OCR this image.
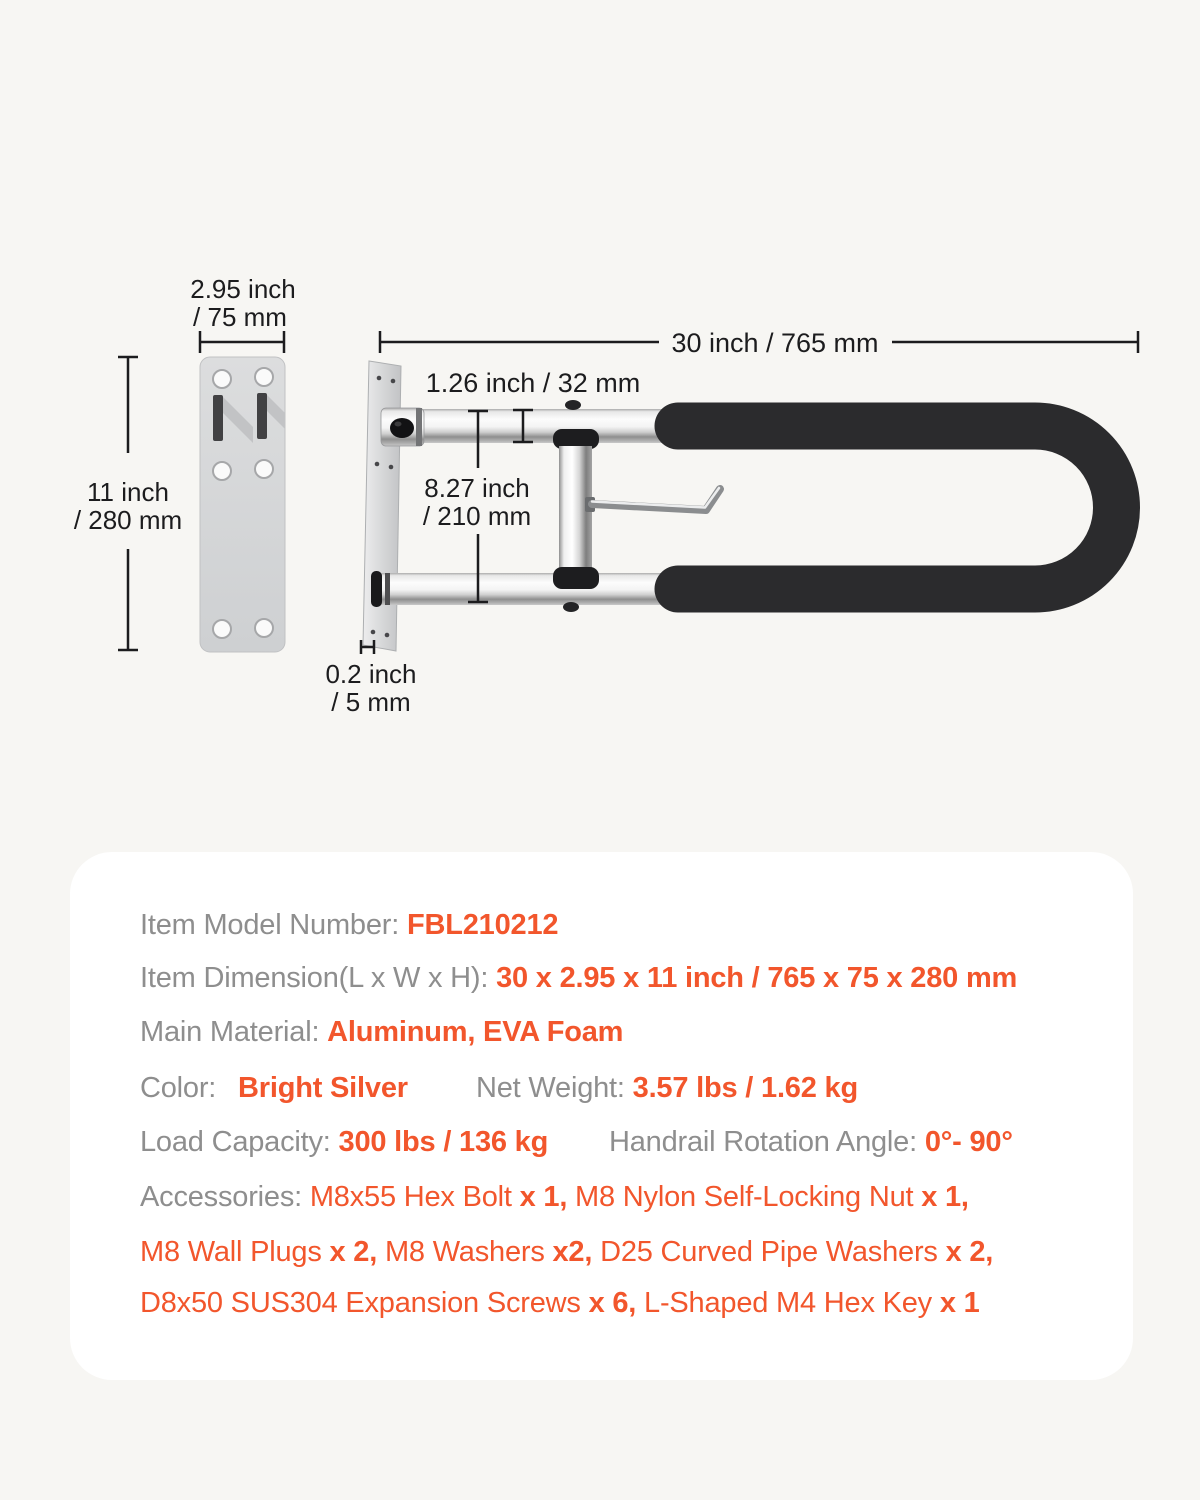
2.95 inch
/ 75 mm
11 inch
/ 280 mm
30 inch / 765 mm
1.26 inch / 32 mm
8.27 inch
/ 210 mm
0.2 inch
/ 5 mm
Item Model Number: FBL210212
Item Dimension(L x W x H): 30 x 2.95 x 11 inch / 765 x 75 x 280 mm
Main Material: Aluminum, EVA Foam
Color: Bright Silver Net Weight: 3.57 lbs / 1.62 kg
Load Capacity: 300 lbs / 136 kg Handrail Rotation Angle: 0°- 90°
Accessories: M8x55 Hex Bolt x 1, M8 Nylon Self-Locking Nut x 1,
M8 Wall Plugs x 2, M8 Washers x2, D25 Curved Pipe Washers x 2,
D8x50 SUS304 Expansion Screws x 6, L-Shaped M4 Hex Key x 1
